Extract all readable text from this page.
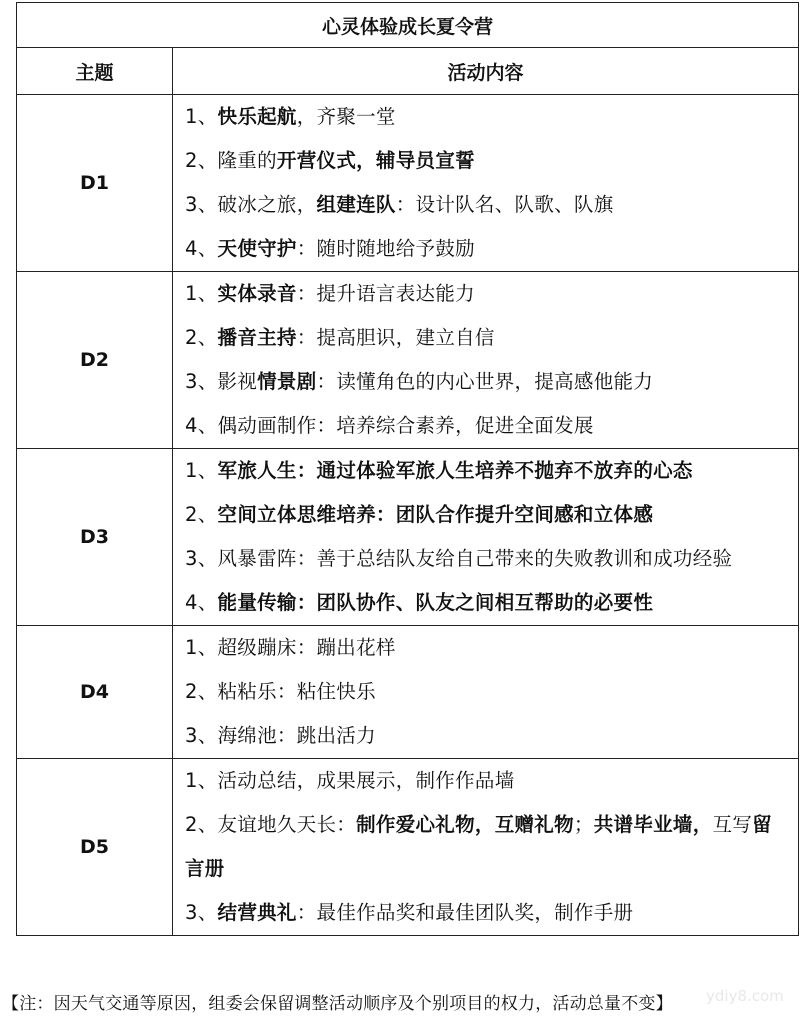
心灵体验成长夏令营	
主题	活动内容
D1	1、快乐起航，齐聚一堂
2、隆重的开营仪式，辅导员宣誓
3、破冰之旅，组建连队：设计队名、队歌、队旗
4、天使守护：随时随地给予鼓励

D2	1、实体录音：提升语言表达能力
2、播音主持：提高胆识，建立自信
3、影视情景剧：读懂角色的内心世界，提高感他能力
4、偶动画制作：培养综合素养，促进全面发展

D3	1、军旅人生：通过体验军旅人生培养不抛弃不放弃的心态
2、空间立体思维培养：团队合作提升空间感和立体感
3、风暴雷阵：善于总结队友给自己带来的失败教训和成功经验
4、能量传输：团队协作、队友之间相互帮助的必要性

D4	1、超级蹦床：蹦出花样
2、粘粘乐：粘住快乐
3、海绵池：跳出活力

D5	1、活动总结，成果展示，制作作品墙
2、友谊地久天长：制作爱心礼物，互赠礼物；共谱毕业墙，互写留言册
3、结营典礼：最佳作品奖和最佳团队奖，制作手册
【注：因天气交通等原因，组委会保留调整活动顺序及个别项目的权力，活动总量不变】	ydiy8.com
